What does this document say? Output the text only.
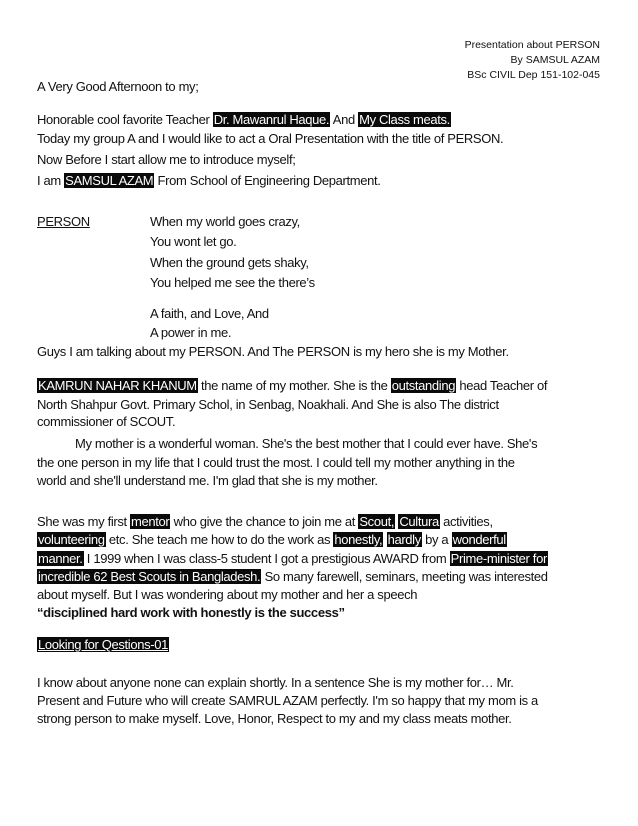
Presentation about PERSON
By SAMSUL AZAM
BSc CIVIL Dep 151-102-045
A Very Good Afternoon to my;
Honorable cool favorite Teacher Dr. Mawanrul Haque. And My Class meats.
Today my group A and I would like to act a Oral Presentation with the title of PERSON.
Now Before I start allow me to introduce myself;
I am SAMSUL AZAM From School of Engineering Department.
PERSON	When my world goes crazy,
You wont let go.
When the ground gets shaky,
You helped me see the there’s
A faith, and Love, And
A power in me.
Guys I am talking about my PERSON. And The PERSON is my hero she is my Mother.
KAMRUN NAHAR KHANUM the name of my mother. She is the outstanding head Teacher of
North Shahpur Govt. Primary Schol, in Senbag, Noakhali. And She is also The district
commissioner of SCOUT.
My mother is a wonderful woman. She's the best mother that I could ever have. She's
the one person in my life that I could trust the most. I could tell my mother anything in the
world and she'll understand me. I'm glad that she is my mother.
She was my first mentor who give the chance to join me at Scout, Cultura activities,
volunteering etc. She teach me how to do the work as honestly, hardly by a wonderful
manner. I 1999 when I was class-5 student I got a prestigious AWARD from Prime-minister for
incredible 62 Best Scouts in Bangladesh. So many farewell, seminars, meeting was interested
about myself. But I was wondering about my mother and her a speech
“disciplined hard work with honestly is the success”
Looking for Qestions-01
I know about anyone none can explain shortly. In a sentence She is my mother for… Mr.
Present and Future who will create SAMRUL AZAM perfectly. I'm so happy that my mom is a
strong person to make myself. Love, Honor, Respect to my and my class meats mother.
